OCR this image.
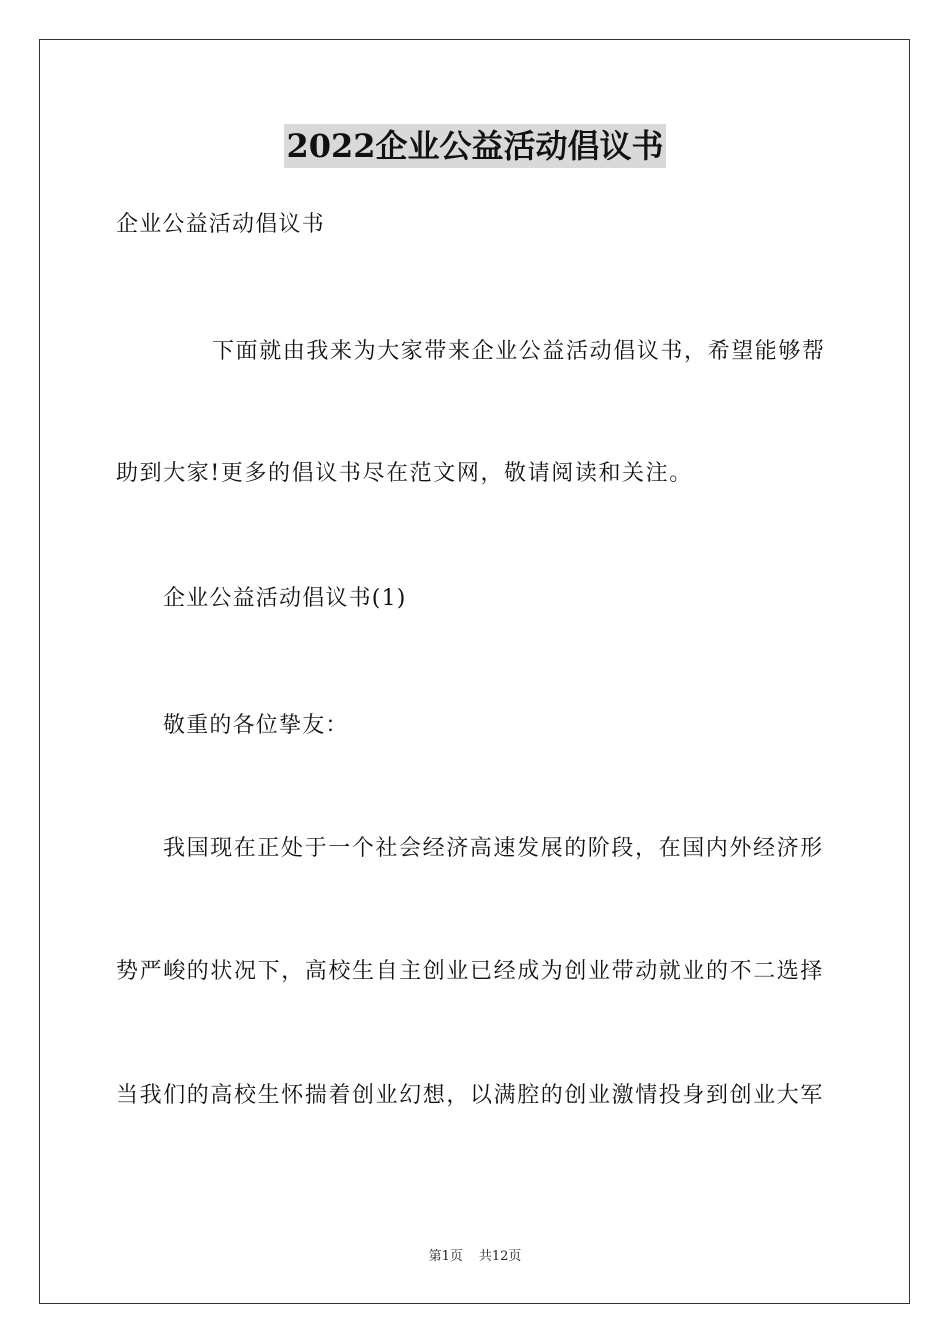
2022企业公益活动倡议书
企业公益活动倡议书
下面就由我来为大家带来企业公益活动倡议书，希望能够帮
助到大家!更多的倡议书尽在范文网，敬请阅读和关注。
企业公益活动倡议书(1)
敬重的各位挚友：
我国现在正处于一个社会经济高速发展的阶段，在国内外经济形
势严峻的状况下，高校生自主创业已经成为创业带动就业的不二选择
当我们的高校生怀揣着创业幻想，以满腔的创业激情投身到创业大军
第1页 共12页
